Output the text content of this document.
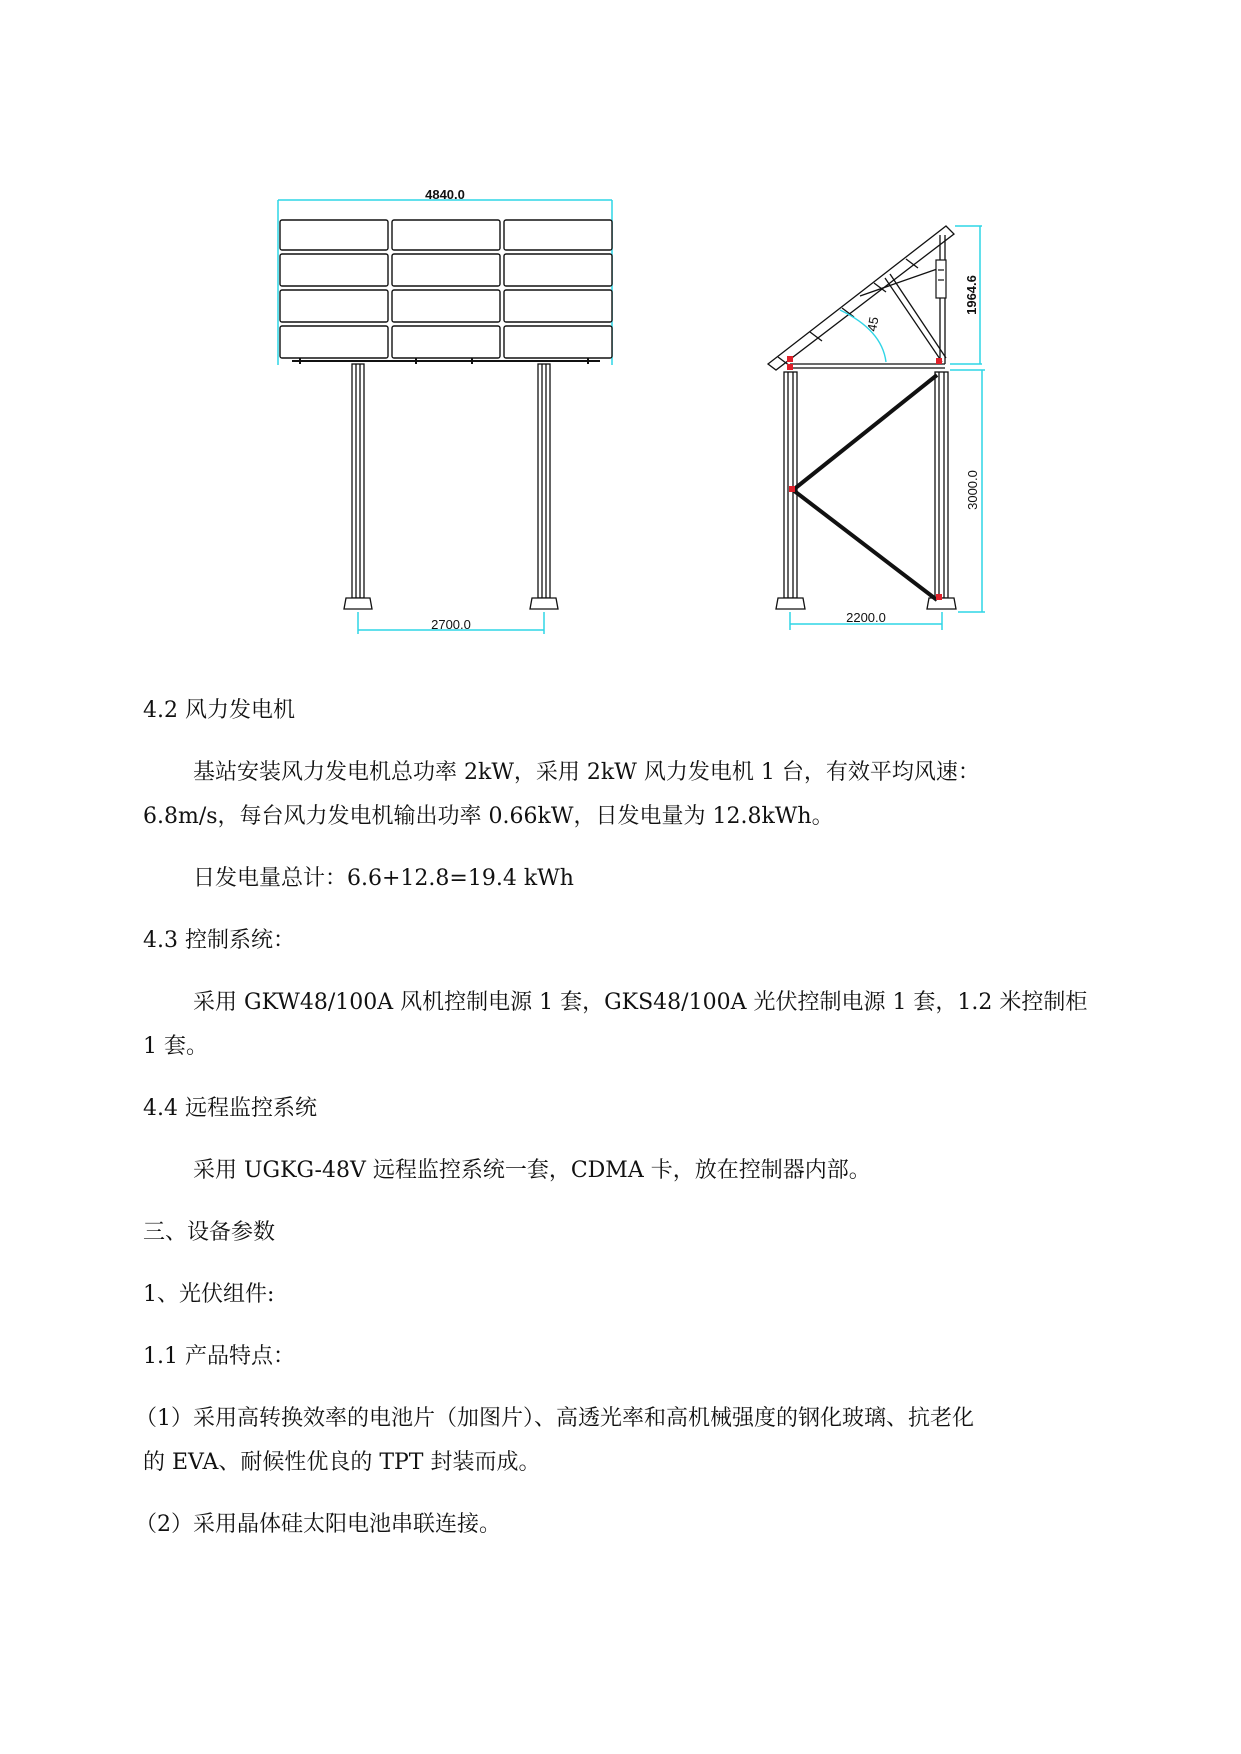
4840.0
2700.0
45
1964.6
3000.0
2200.0

4.2 风力发电机

基站安装风力发电机总功率 2kW，采用 2kW 风力发电机 1 台，有效平均风速：

6.8m/s，每台风力发电机输出功率 0.66kW，日发电量为 12.8kWh。

日发电量总计：6.6+12.8=19.4 kWh

4.3 控制系统：

采用 GKW48/100A 风机控制电源 1 套，GKS48/100A 光伏控制电源 1 套，1.2 米控制柜

1 套。

4.4 远程监控系统

采用 UGKG-48V 远程监控系统一套，CDMA 卡，放在控制器内部。

三、设备参数

1、光伏组件:

1.1 产品特点：

（1）采用高转换效率的电池片（加图片）、高透光率和高机械强度的钢化玻璃、抗老化

的 EVA、耐候性优良的 TPT 封装而成。

（2）采用晶体硅太阳电池串联连接。
